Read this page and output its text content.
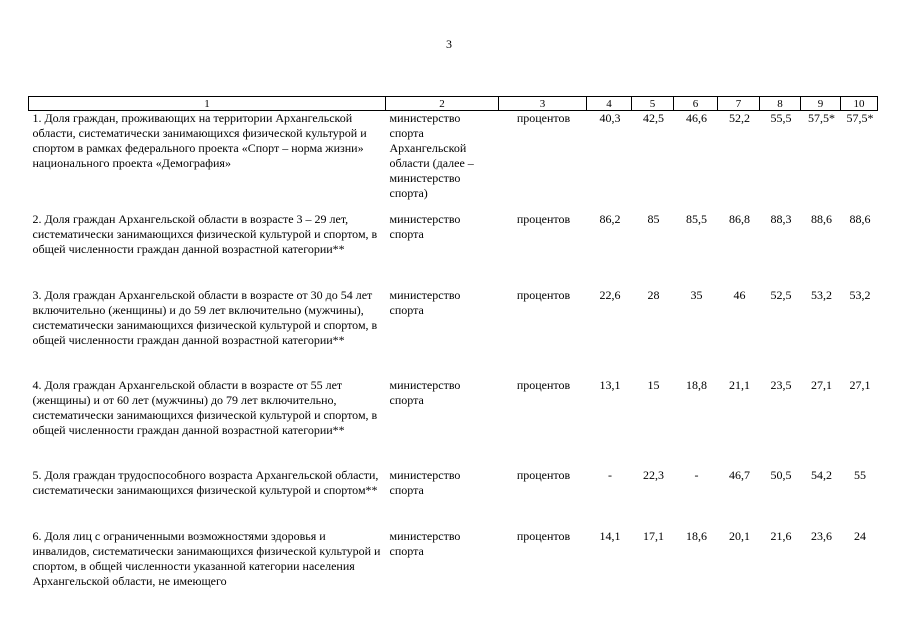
3
1	2	3	4	5	6	7	8	9	10
1. Доля граждан, проживающих на территории Архангельской области, систематически занимающихся физической культурой и спортом в рамках федерального проекта «Спорт – норма жизни» национального проекта «Демография»	министерство спорта Архангельской области (далее – министерство спорта)	процентов	40,3	42,5	46,6	52,2	55,5	57,5*	57,5*
2. Доля граждан Архангельской области в возрасте 3 – 29 лет, систематически занимающихся физической культурой и спортом, в общей численности граждан данной возрастной категории**	министерство спорта	процентов	86,2	85	85,5	86,8	88,3	88,6	88,6
3. Доля граждан Архангельской области в возрасте от 30 до 54 лет включительно (женщины) и до 59 лет включительно (мужчины), систематически занимающихся физической культурой и спортом, в общей численности граждан данной возрастной категории**	министерство спорта	процентов	22,6	28	35	46	52,5	53,2	53,2
4. Доля граждан Архангельской области в возрасте от 55 лет (женщины) и от 60 лет (мужчины) до 79 лет включительно, систематически занимающихся физической культурой и спортом, в общей численности граждан данной возрастной категории**	министерство спорта	процентов	13,1	15	18,8	21,1	23,5	27,1	27,1
5. Доля граждан трудоспособного возраста Архангельской области, систематически занимающихся физической культурой и спортом**	министерство спорта	процентов	-	22,3	-	46,7	50,5	54,2	55
6. Доля лиц с ограниченными возможностями здоровья и инвалидов, систематически занимающихся физической культурой и спортом, в общей численности указанной категории населения Архангельской области, не имеющего	министерство спорта	процентов	14,1	17,1	18,6	20,1	21,6	23,6	24
